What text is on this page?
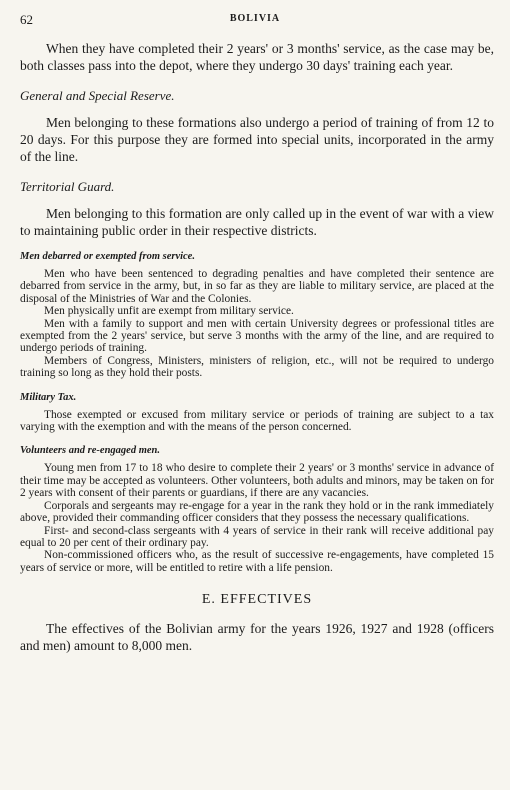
62	BOLIVIA

When they have completed their 2 years' or 3 months' service, as the case may be, both classes pass into the depot, where they undergo 30 days' training each year.

General and Special Reserve.

Men belonging to these formations also undergo a period of training of from 12 to 20 days. For this purpose they are formed into special units, incorporated in the army of the line.

Territorial Guard.

Men belonging to this formation are only called up in the event of war with a view to maintaining public order in their respective districts.

Men debarred or exempted from service.

Men who have been sentenced to degrading penalties and have completed their sentence are debarred from service in the army, but, in so far as they are liable to military service, are placed at the disposal of the Ministries of War and the Colonies.

Men physically unfit are exempt from military service.

Men with a family to support and men with certain University degrees or professional titles are exempted from the 2 years' service, but serve 3 months with the army of the line, and are required to undergo periods of training.

Members of Congress, Ministers, ministers of religion, etc., will not be required to undergo training so long as they hold their posts.

Military Tax.

Those exempted or excused from military service or periods of training are subject to a tax varying with the exemption and with the means of the person concerned.

Volunteers and re-engaged men.

Young men from 17 to 18 who desire to complete their 2 years' or 3 months' service in advance of their time may be accepted as volunteers. Other volunteers, both adults and minors, may be taken on for 2 years with consent of their parents or guardians, if there are any vacancies.

Corporals and sergeants may re-engage for a year in the rank they hold or in the rank immediately above, provided their commanding officer considers that they possess the necessary qualifications.

First- and second-class sergeants with 4 years of service in their rank will receive additional pay equal to 20 per cent of their ordinary pay.

Non-commissioned officers who, as the result of successive re-engagements, have completed 15 years of service or more, will be entitled to retire with a life pension.

E. EFFECTIVES

The effectives of the Bolivian army for the years 1926, 1927 and 1928 (officers and men) amount to 8,000 men.
